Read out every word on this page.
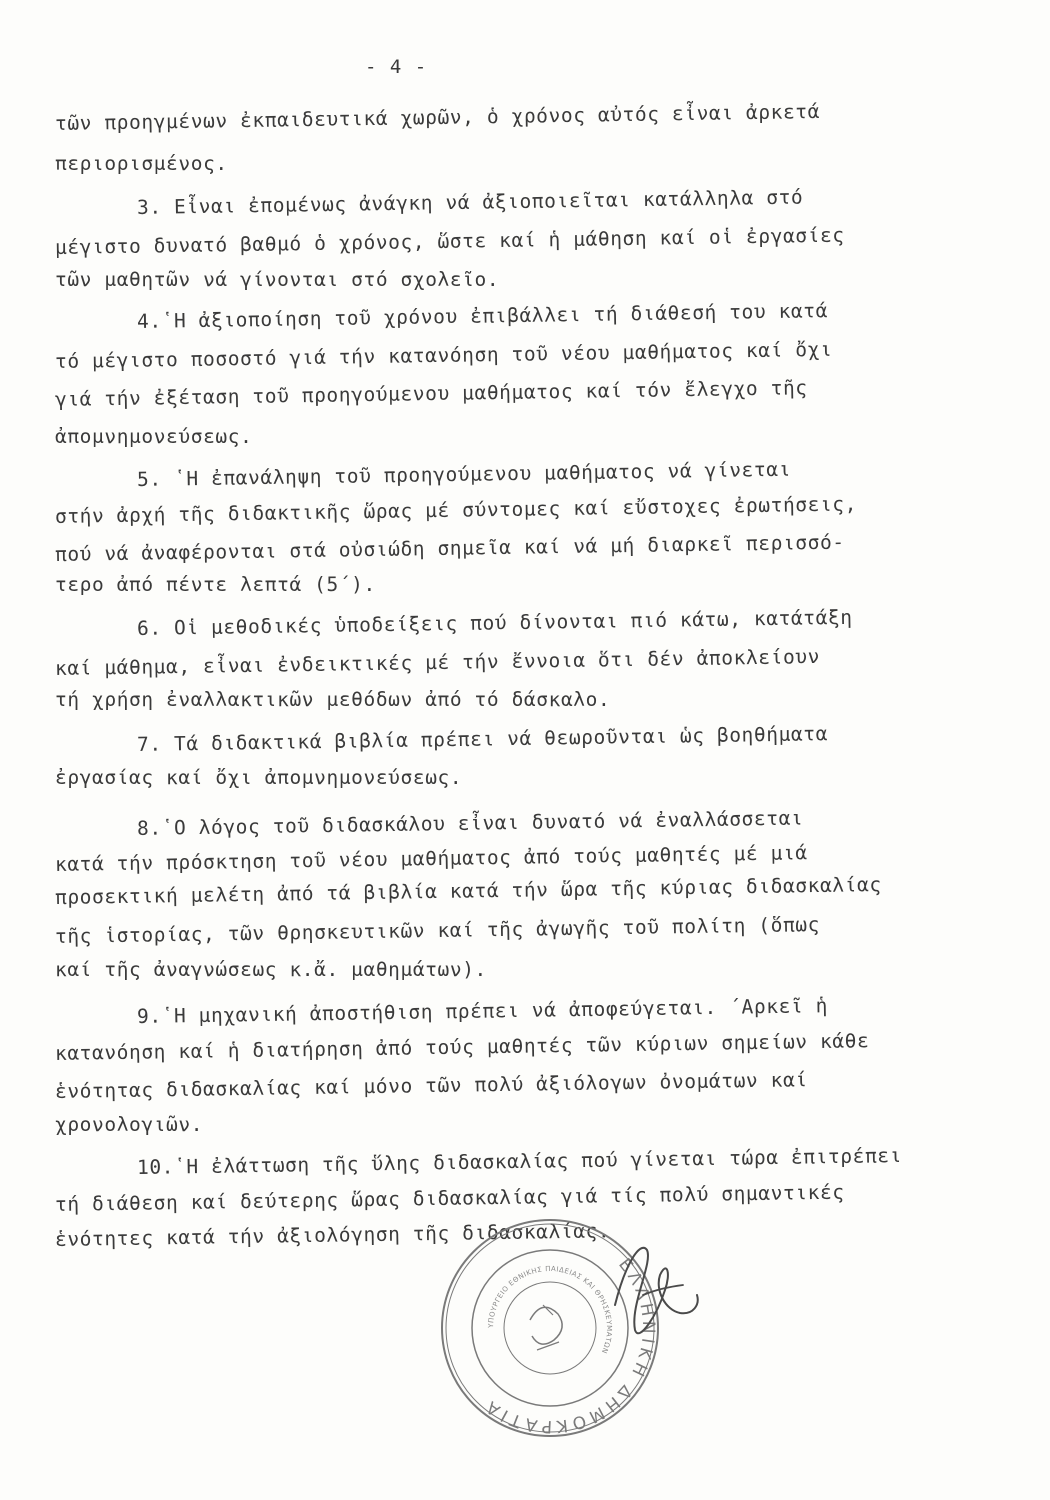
- 4 -
τῶν προηγμένων ἐκπαιδευτικά χωρῶν, ὁ χρόνος αὐτός εἶναι ἀρκετά
περιορισμένος.
3. Εἶναι ἐπομένως ἀνάγκη νά ἀξιοποιεῖται κατάλληλα στό
μέγιστο δυνατό βαθμό ὁ χρόνος, ὥστε καί ἡ μάθηση καί οἱ ἐργασίες
τῶν μαθητῶν νά γίνονται στό σχολεῖο.
4.῾Η ἀξιοποίηση τοῦ χρόνου ἐπιβάλλει τή διάθεσή του κατά
τό μέγιστο ποσοστό γιά τήν κατανόηση τοῦ νέου μαθήματος καί ὄχι
γιά τήν ἐξέταση τοῦ προηγούμενου μαθήματος καί τόν ἔλεγχο τῆς
ἀπομνημονεύσεως.
5. ῾Η ἐπανάληψη τοῦ προηγούμενου μαθήματος νά γίνεται
στήν ἀρχή τῆς διδακτικῆς ὥρας μέ σύντομες καί εὔστοχες ἐρωτήσεις,
πού νά ἀναφέρονται στά οὐσιώδη σημεῖα καί νά μή διαρκεῖ περισσό-
τερο ἀπό πέντε λεπτά (5΄).
6. Οἱ μεθοδικές ὑποδείξεις πού δίνονται πιό κάτω, κατάτάξη
καί μάθημα, εἶναι ἐνδεικτικές μέ τήν ἔννοια ὅτι δέν ἀποκλείουν
τή χρήση ἐναλλακτικῶν μεθόδων ἀπό τό δάσκαλο.
7. Τά διδακτικά βιβλία πρέπει νά θεωροῦνται ὡς βοηθήματα
ἐργασίας καί ὄχι ἀπομνημονεύσεως.
8.῾Ο λόγος τοῦ διδασκάλου εἶναι δυνατό νά ἐναλλάσσεται
κατά τήν πρόσκτηση τοῦ νέου μαθήματος ἀπό τούς μαθητές μέ μιά
προσεκτική μελέτη ἀπό τά βιβλία κατά τήν ὥρα τῆς κύριας διδασκαλίας
τῆς ἱστορίας, τῶν θρησκευτικῶν καί τῆς ἀγωγῆς τοῦ πολίτη (ὅπως
καί τῆς ἀναγνώσεως κ.ἄ. μαθημάτων).
9.῾Η μηχανική ἀποστήθιση πρέπει νά ἀποφεύγεται. ΄Αρκεῖ ἡ
κατανόηση καί ἡ διατήρηση ἀπό τούς μαθητές τῶν κύριων σημείων κάθε
ἑνότητας διδασκαλίας καί μόνο τῶν πολύ ἀξιόλογων ὀνομάτων καί
χρονολογιῶν.
10.῾Η ἐλάττωση τῆς ὕλης διδασκαλίας πού γίνεται τώρα ἐπιτρέπει
τή διάθεση καί δεύτερης ὥρας διδασκαλίας γιά τίς πολύ σημαντικές
ἑνότητες κατά τήν ἀξιολόγηση τῆς διδασκαλίας.
ΕΛΛΗΝΙΚΗ ΔΗΜΟΚΡΑΤΙΑ
ΥΠΟΥΡΓΕΙΟ ΕΘΝΙΚΗΣ ΠΑΙΔΕΙΑΣ ΚΑΙ ΘΡΗΣΚΕΥΜΑΤΩΝ
